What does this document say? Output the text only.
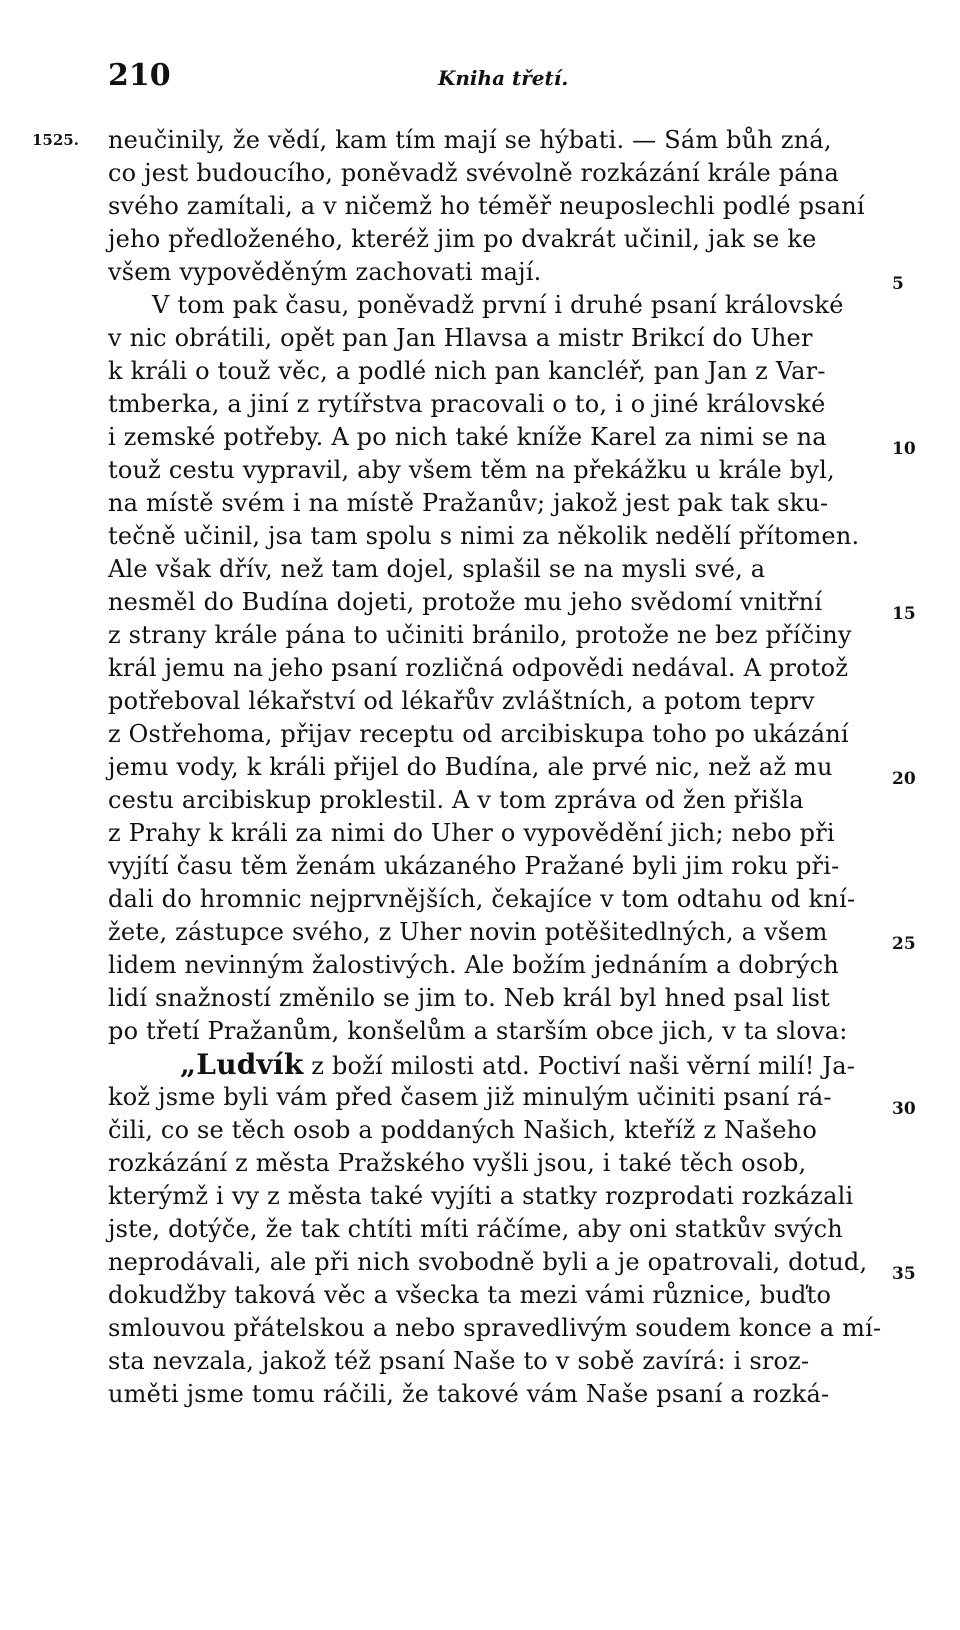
210	Kniha třetí.
1525. neučinily, že vědí, kam tím mají se hýbati. — Sám bůh zná,
co jest budoucího, poněvadž svévolně rozkázání krále pána
svého zamítali, a v ničemž ho téměř neuposlechli podlé psaní
jeho předloženého, kteréž jim po dvakrát učinil, jak se ke
všem vypověděným zachovati mají.
V tom pak času, poněvadž první i druhé psaní královské
v nic obrátili, opět pan Jan Hlavsa a mistr Brikcí do Uher
k králi o touž věc, a podlé nich pan kancléř, pan Jan z Var-
tmberka, a jiní z rytířstva pracovali o to, i o jiné královské
i zemské potřeby. A po nich také kníže Karel za nimi se na
touž cestu vypravil, aby všem těm na překážku u krále byl,
na místě svém i na místě Pražanův; jakož jest pak tak sku-
tečně učinil, jsa tam spolu s nimi za několik nedělí přítomen.
Ale však dřív, než tam dojel, splašil se na mysli své, a
nesměl do Budína dojeti, protože mu jeho svědomí vnitřní
z strany krále pána to učiniti bránilo, protože ne bez příčiny
král jemu na jeho psaní rozličná odpovědi nedával. A protož
potřeboval lékařství od lékařův zvláštních, a potom teprv
z Ostřehoma, přijav receptu od arcibiskupa toho po ukázání
jemu vody, k králi přijel do Budína, ale prvé nic, než až mu
cestu arcibiskup proklestil. A v tom zpráva od žen přišla
z Prahy k králi za nimi do Uher o vypovědění jich; nebo při
vyjítí času těm ženám ukázaného Pražané byli jim roku při-
dali do hromnic nejprvnějších, čekajíce v tom odtahu od kní-
žete, zástupce svého, z Uher novin potěšitedlných, a všem
lidem nevinným žalostivých. Ale božím jednáním a dobrých
lidí snažností změnilo se jim to. Neb král byl hned psal list
po třetí Pražanům, konšelům a starším obce jich, v ta slova:
„Ludvík z boží milosti atd. Poctiví naši věrní milí! Ja-
kož jsme byli vám před časem již minulým učiniti psaní rá-
čili, co se těch osob a poddaných Našich, kteříž z Našeho
rozkázání z města Pražského vyšli jsou, i také těch osob,
kterýmž i vy z města také vyjíti a statky rozprodati rozkázali
jste, dotýče, že tak chtíti míti ráčíme, aby oni statkův svých
neprodávali, ale při nich svobodně byli a je opatrovali, dotud,
dokudžby taková věc a všecka ta mezi vámi různice, buďto
smlouvou přátelskou a nebo spravedlivým soudem konce a mí-
sta nevzala, jakož též psaní Naše to v sobě zavírá: i sroz-
uměti jsme tomu ráčili, že takové vám Naše psaní a rozká-
5
10
15
20
25
30
35
